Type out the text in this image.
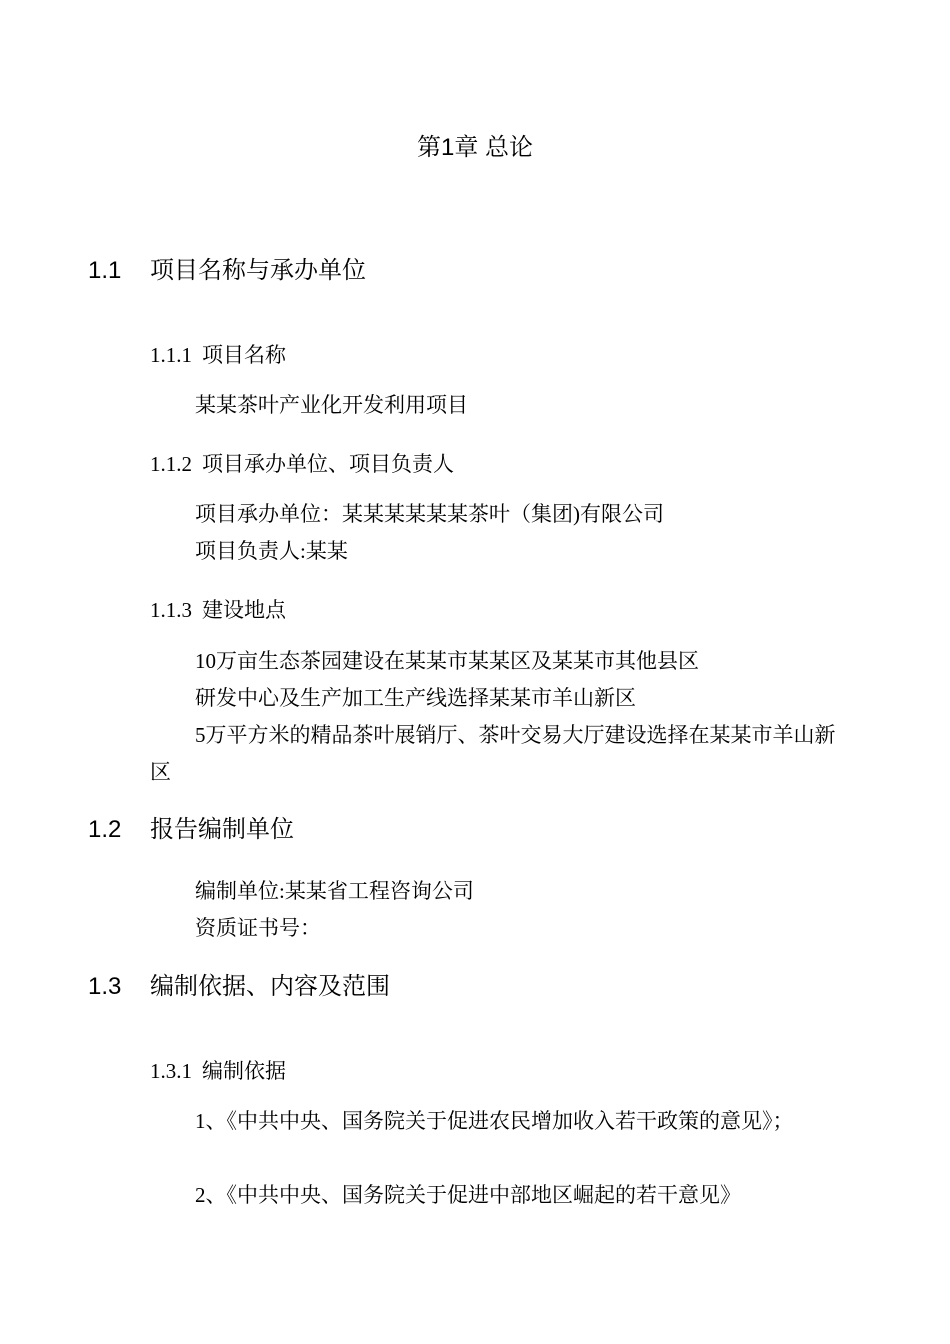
第1章 总论
1.1 项目名称与承办单位
1.1.1 项目名称
某某茶叶产业化开发利用项目
1.1.2 项目承办单位、项目负责人
项目承办单位：某某某某某某茶叶（集团)有限公司
项目负责人:某某
1.1.3 建设地点
10万亩生态茶园建设在某某市某某区及某某市其他县区
研发中心及生产加工生产线选择某某市羊山新区
5万平方米的精品茶叶展销厅、茶叶交易大厅建设选择在某某市羊山新区
1.2 报告编制单位
编制单位:某某省工程咨询公司
资质证书号：
1.3 编制依据、内容及范围
1.3.1 编制依据
1、《中共中央、国务院关于促进农民增加收入若干政策的意见》；
2、《中共中央、国务院关于促进中部地区崛起的若干意见》
